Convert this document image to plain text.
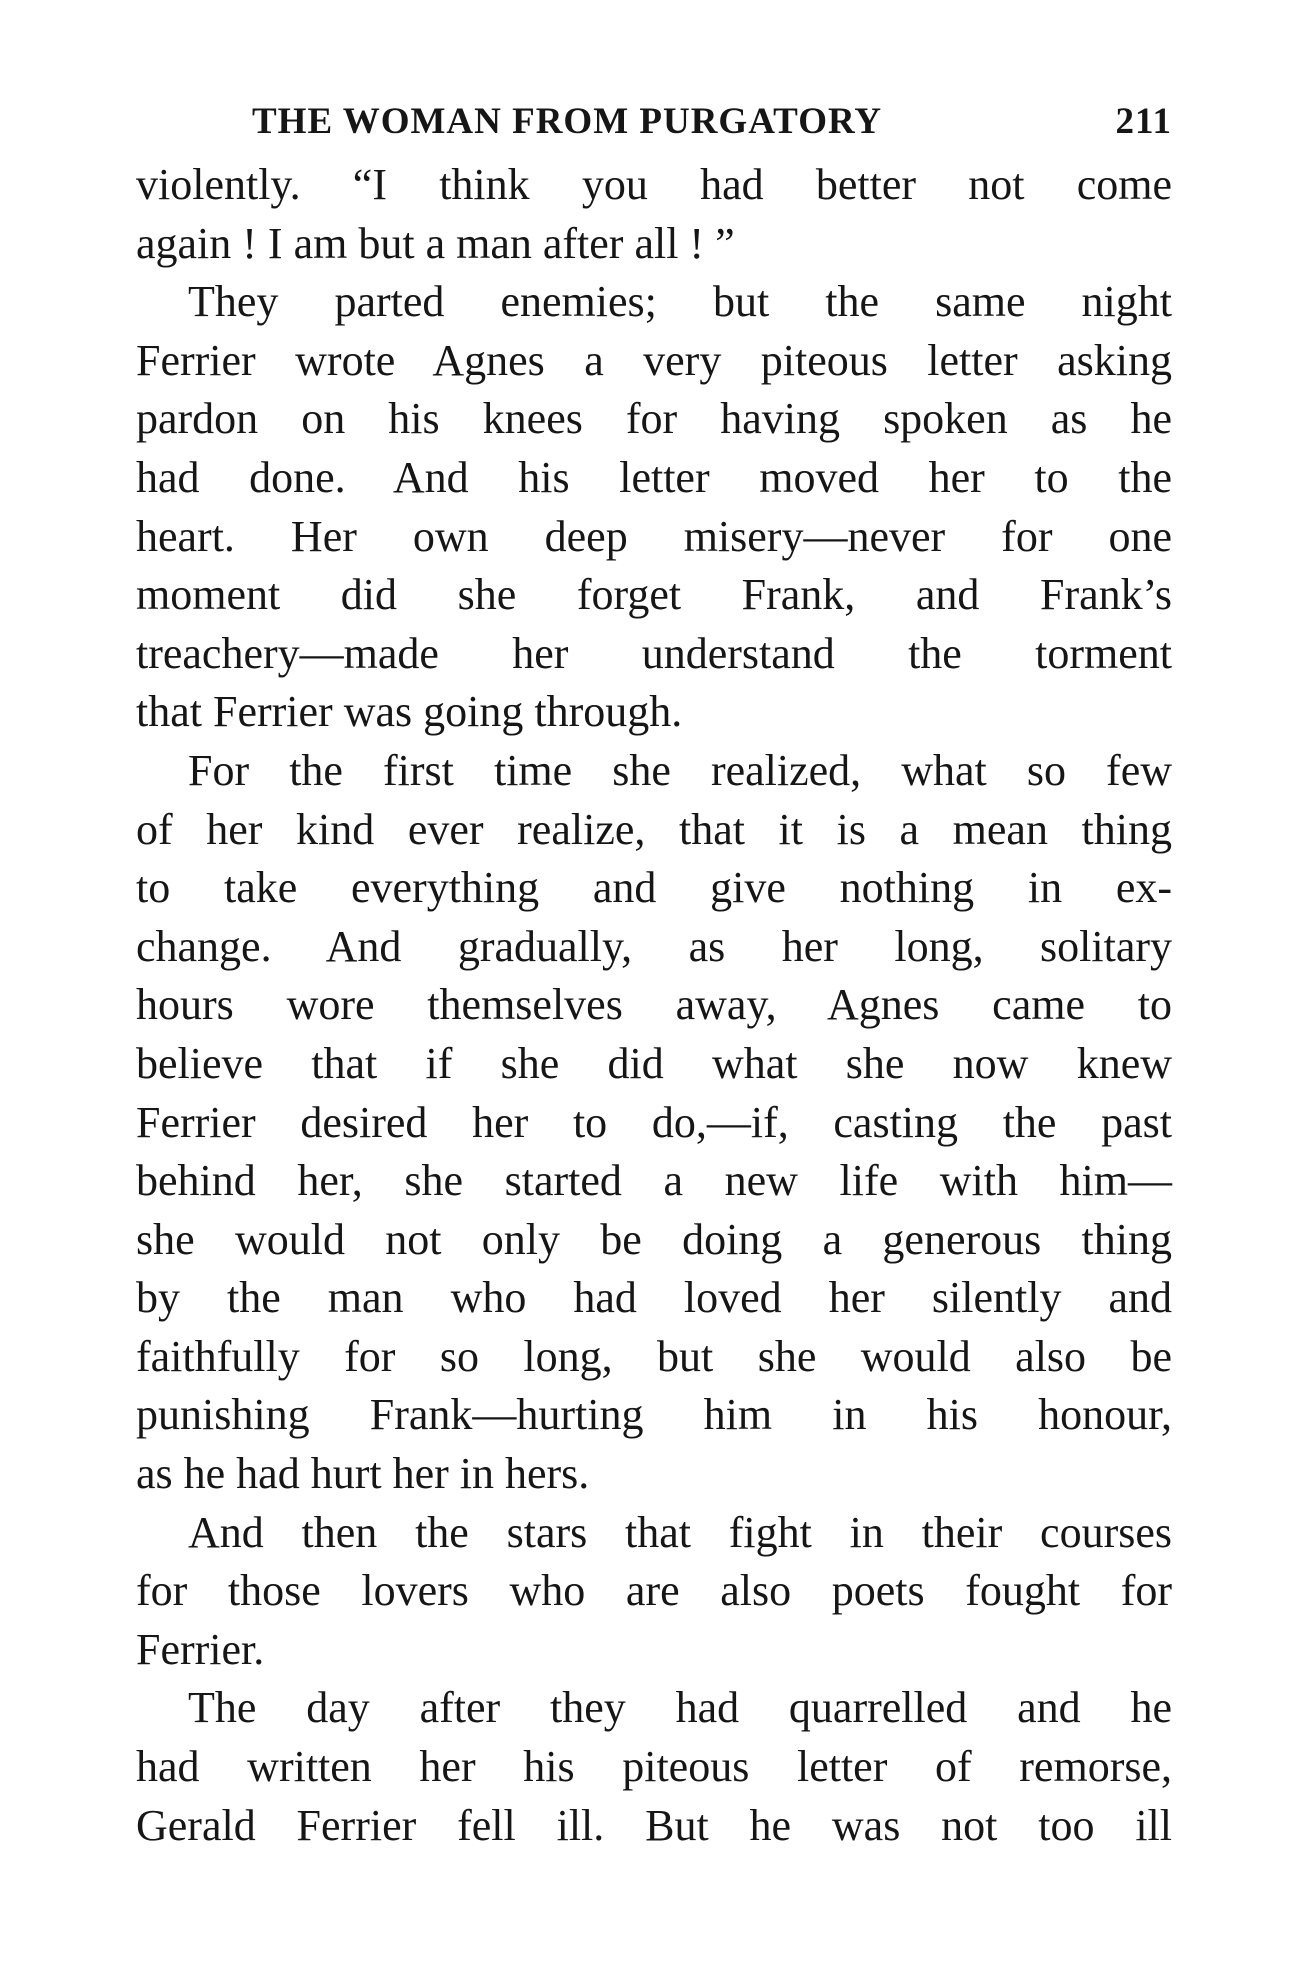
THE WOMAN FROM PURGATORY	211
violently. “I think you had better not come
again ! I am but a man after all ! ”
They parted enemies; but the same night
Ferrier wrote Agnes a very piteous letter asking
pardon on his knees for having spoken as he
had done. And his letter moved her to the
heart. Her own deep misery—never for one
moment did she forget Frank, and Frank’s
treachery—made her understand the torment
that Ferrier was going through.
For the first time she realized, what so few
of her kind ever realize, that it is a mean thing
to take everything and give nothing in ex-
change. And gradually, as her long, solitary
hours wore themselves away, Agnes came to
believe that if she did what she now knew
Ferrier desired her to do,—if, casting the past
behind her, she started a new life with him—
she would not only be doing a generous thing
by the man who had loved her silently and
faithfully for so long, but she would also be
punishing Frank—hurting him in his honour,
as he had hurt her in hers.
And then the stars that fight in their courses
for those lovers who are also poets fought for
Ferrier.
The day after they had quarrelled and he
had written her his piteous letter of remorse,
Gerald Ferrier fell ill. But he was not too ill
